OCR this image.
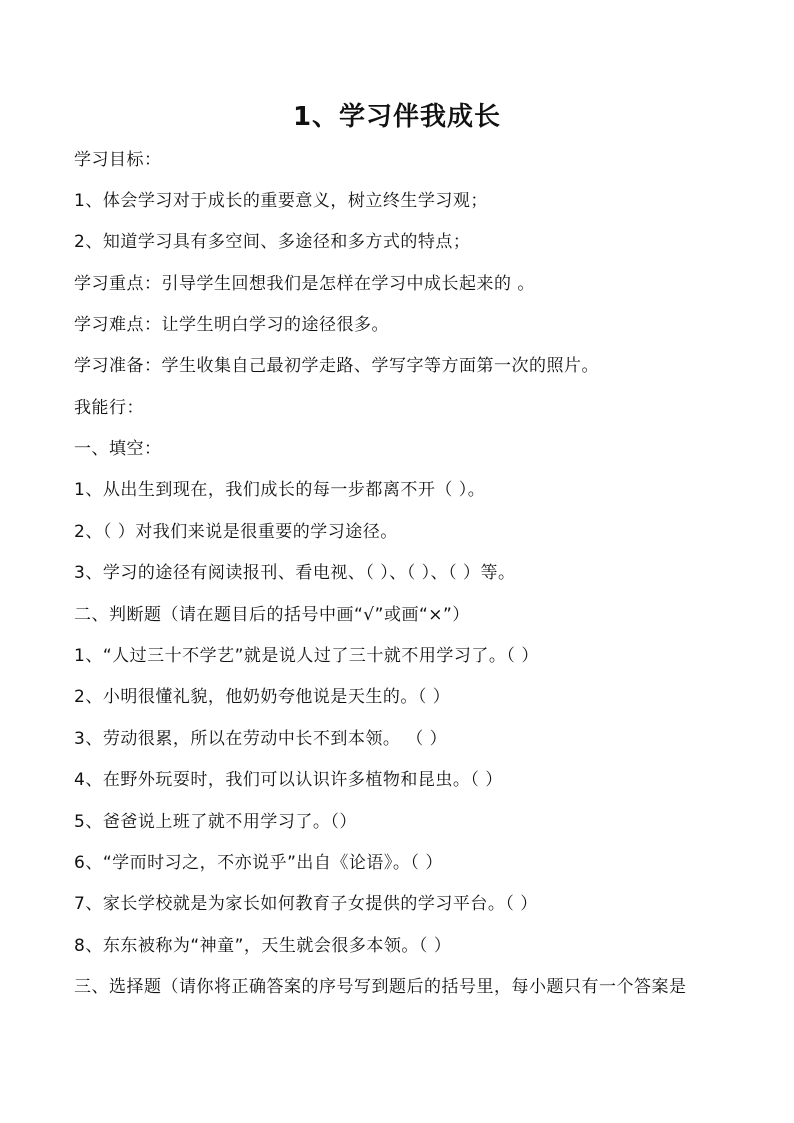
1、学习伴我成长
学习目标：
1、体会学习对于成长的重要意义，树立终生学习观；
2、知道学习具有多空间、多途径和多方式的特点；
学习重点：引导学生回想我们是怎样在学习中成长起来的 。
学习难点：让学生明白学习的途径很多。
学习准备：学生收集自己最初学走路、学写字等方面第一次的照片。
我能行：
一、填空：
1、从出生到现在，我们成长的每一步都离不开（ ）。
2、（ ）对我们来说是很重要的学习途径。
3、学习的途径有阅读报刊、看电视、（ ）、（ ）、（ ）等。
二、判断题（请在题目后的括号中画“√”或画“×”）
1、“人过三十不学艺”就是说人过了三十就不用学习了。（ ）
2、小明很懂礼貌，他奶奶夸他说是天生的。（ ）
3、劳动很累，所以在劳动中长不到本领。 （ ）
4、在野外玩耍时，我们可以认识许多植物和昆虫。（ ）
5、爸爸说上班了就不用学习了。（）
6、“学而时习之，不亦说乎”出自《论语》。（ ）
7、家长学校就是为家长如何教育子女提供的学习平台。（ ）
8、东东被称为“神童”，天生就会很多本领。（ ）
三、选择题（请你将正确答案的序号写到题后的括号里，每小题只有一个答案是
